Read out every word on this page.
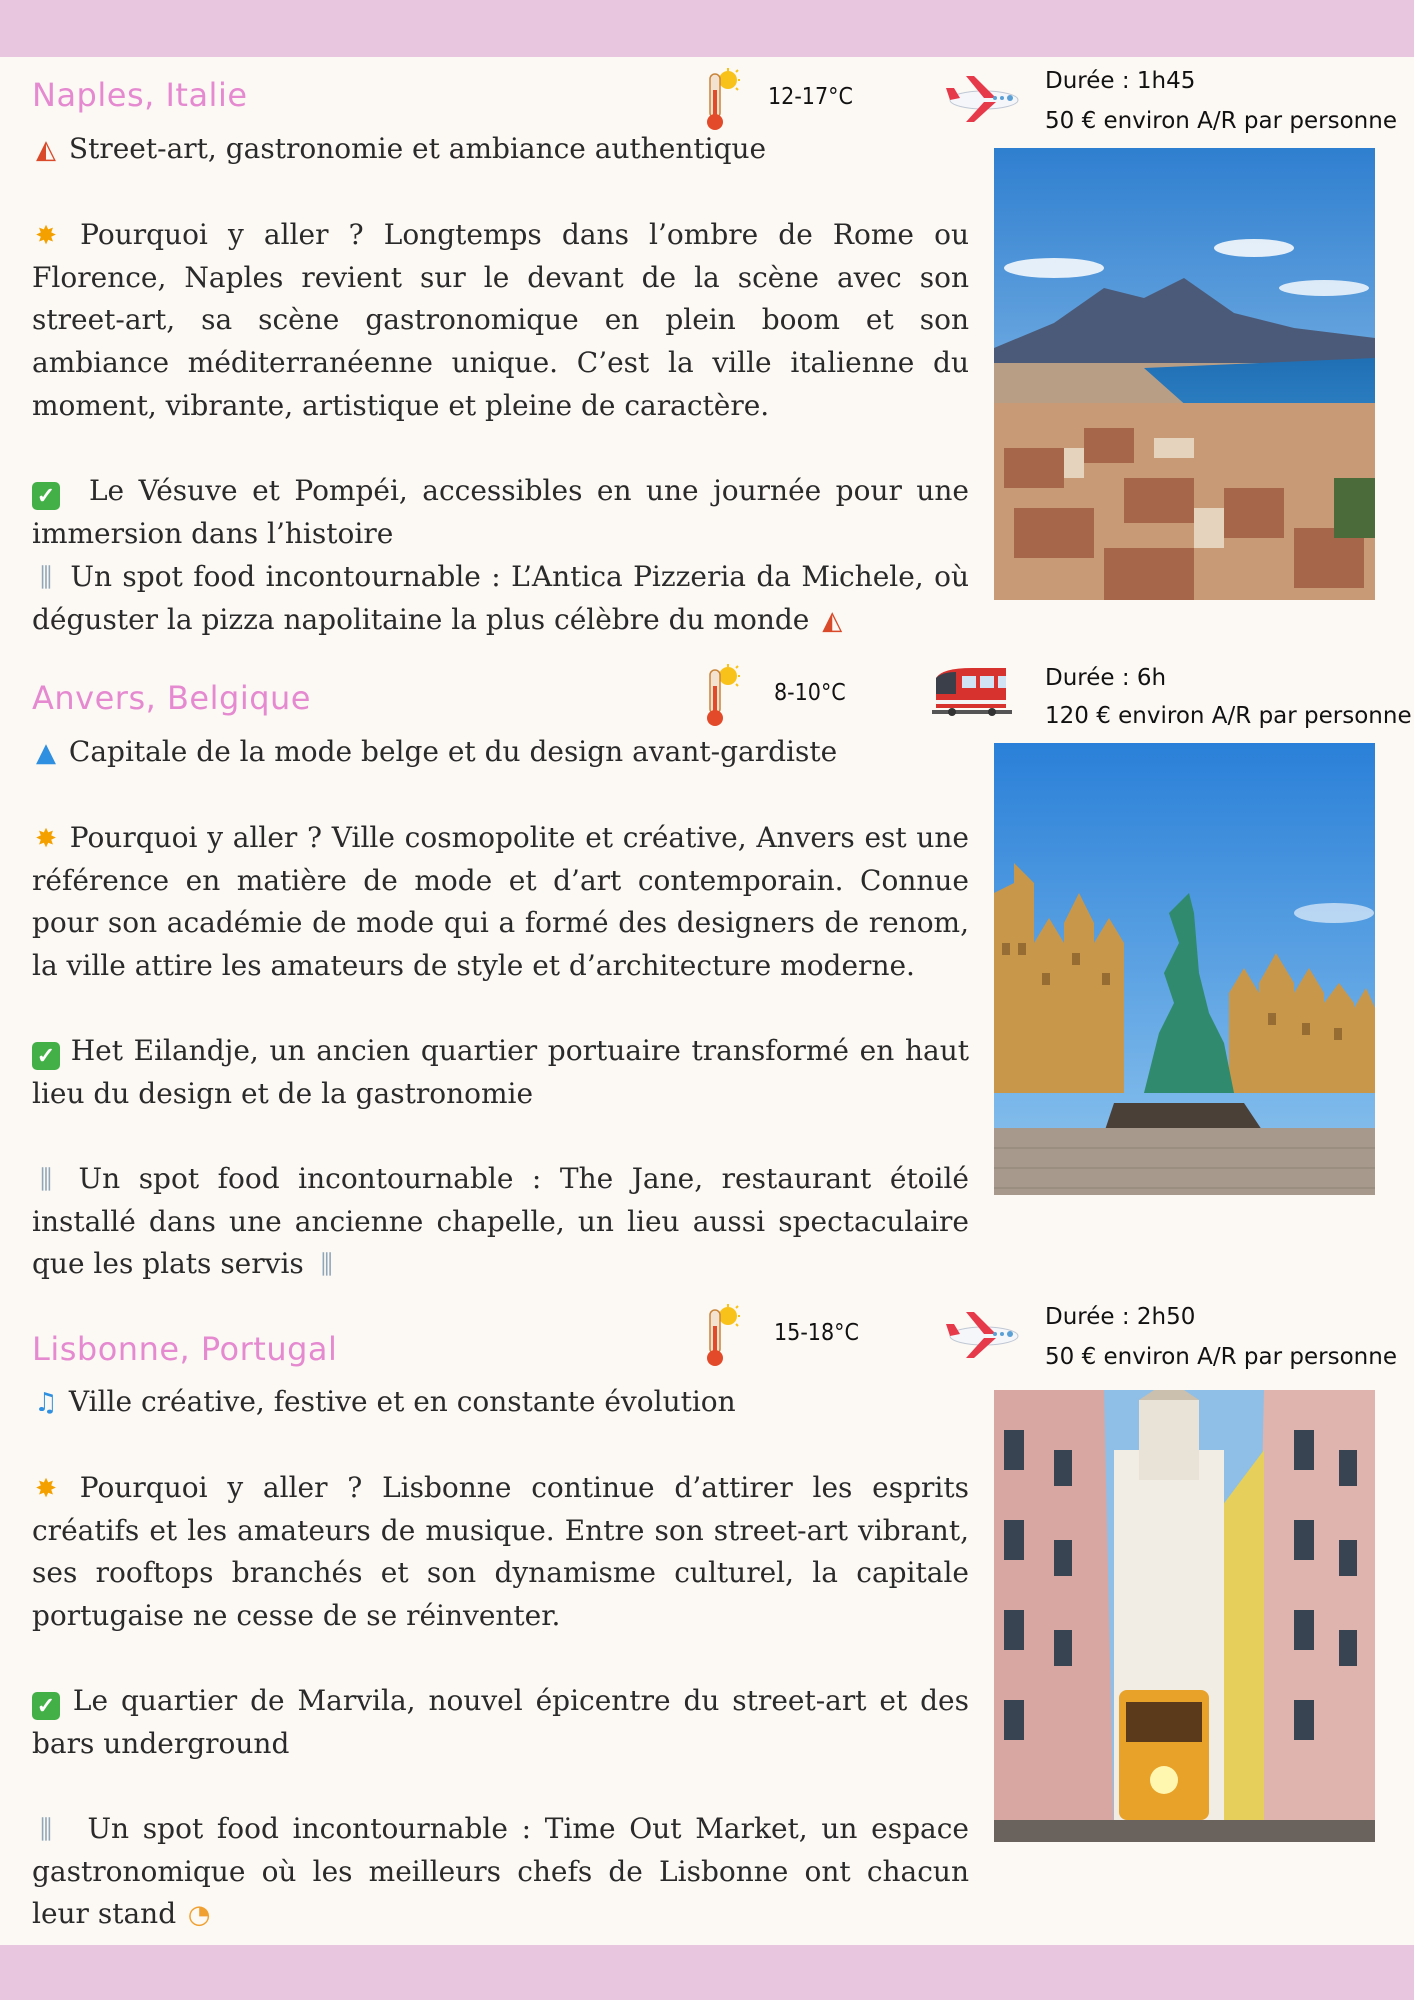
Naples, Italie	12-17°C
Durée : 1h45
50 € environ A/R par personne

◭ Street-art, gastronomie et ambiance authentique

✸ Pourquoi y aller ? Longtemps dans l’ombre de Rome ou Florence, Naples revient sur le devant de la scène avec son street-art, sa scène gastronomique en plein boom et son ambiance méditerranéenne unique. C’est la ville italienne du moment, vibrante, artistique et pleine de caractère.

✓ Le Vésuve et Pompéi, accessibles en une journée pour une immersion dans l’histoire

⫼ Un spot food incontournable : L’Antica Pizzeria da Michele, où déguster la pizza napolitaine la plus célèbre du monde ◭

Anvers, Belgique	8-10°C
Durée : 6h
120 € environ A/R par personne

▲ Capitale de la mode belge et du design avant-gardiste

✸ Pourquoi y aller ? Ville cosmopolite et créative, Anvers est une référence en matière de mode et d’art contemporain. Connue pour son académie de mode qui a formé des designers de renom, la ville attire les amateurs de style et d’architecture moderne.

✓ Het Eilandje, un ancien quartier portuaire transformé en haut lieu du design et de la gastronomie

⫼ Un spot food incontournable : The Jane, restaurant étoilé installé dans une ancienne chapelle, un lieu aussi spectaculaire que les plats servis ⫼

Lisbonne, Portugal	15-18°C
Durée : 2h50
50 € environ A/R par personne

♫ Ville créative, festive et en constante évolution

✸ Pourquoi y aller ? Lisbonne continue d’attirer les esprits créatifs et les amateurs de musique. Entre son street-art vibrant, ses rooftops branchés et son dynamisme culturel, la capitale portugaise ne cesse de se réinventer.

✓ Le quartier de Marvila, nouvel épicentre du street-art et des bars underground

⫼ Un spot food incontournable : Time Out Market, un espace gastronomique où les meilleurs chefs de Lisbonne ont chacun leur stand ◔
